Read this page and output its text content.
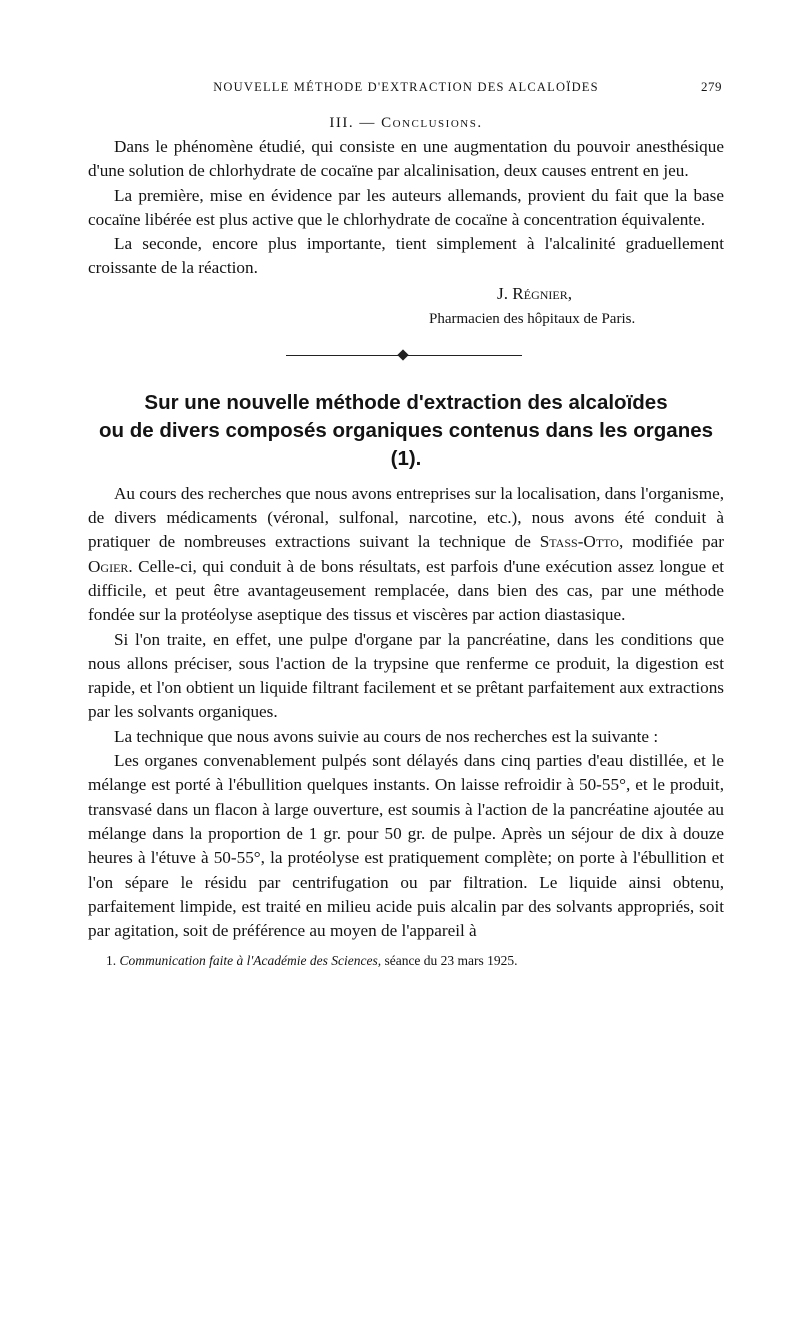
NOUVELLE MÉTHODE D'EXTRACTION DES ALCALOÏDES	279
III. — Conclusions.

Dans le phénomène étudié, qui consiste en une augmentation du pouvoir anesthésique d'une solution de chlorhydrate de cocaïne par alcalinisation, deux causes entrent en jeu.

La première, mise en évidence par les auteurs allemands, provient du fait que la base cocaïne libérée est plus active que le chlorhydrate de cocaïne à concentration équivalente.

La seconde, encore plus importante, tient simplement à l'alcalinité graduellement croissante de la réaction.

J. Régnier,

Pharmacien des hôpitaux de Paris.

Sur une nouvelle méthode d'extraction des alcaloïdes
ou de divers composés organiques contenus dans les organes (1).

Au cours des recherches que nous avons entreprises sur la localisation, dans l'organisme, de divers médicaments (véronal, sulfonal, narcotine, etc.), nous avons été conduit à pratiquer de nombreuses extractions suivant la technique de Stass-Otto, modifiée par Ogier. Celle-ci, qui conduit à de bons résultats, est parfois d'une exécution assez longue et difficile, et peut être avantageusement remplacée, dans bien des cas, par une méthode fondée sur la protéolyse aseptique des tissus et viscères par action diastasique.

Si l'on traite, en effet, une pulpe d'organe par la pancréatine, dans les conditions que nous allons préciser, sous l'action de la trypsine que renferme ce produit, la digestion est rapide, et l'on obtient un liquide filtrant facilement et se prêtant parfaitement aux extractions par les solvants organiques.

La technique que nous avons suivie au cours de nos recherches est la suivante :

Les organes convenablement pulpés sont délayés dans cinq parties d'eau distillée, et le mélange est porté à l'ébullition quelques instants. On laisse refroidir à 50-55°, et le produit, transvasé dans un flacon à large ouverture, est soumis à l'action de la pancréatine ajoutée au mélange dans la proportion de 1 gr. pour 50 gr. de pulpe. Après un séjour de dix à douze heures à l'étuve à 50-55°, la protéolyse est pratiquement complète; on porte à l'ébullition et l'on sépare le résidu par centrifugation ou par filtration. Le liquide ainsi obtenu, parfaitement limpide, est traité en milieu acide puis alcalin par des solvants appropriés, soit par agitation, soit de préférence au moyen de l'appareil à

1. Communication faite à l'Académie des Sciences, séance du 23 mars 1925.
